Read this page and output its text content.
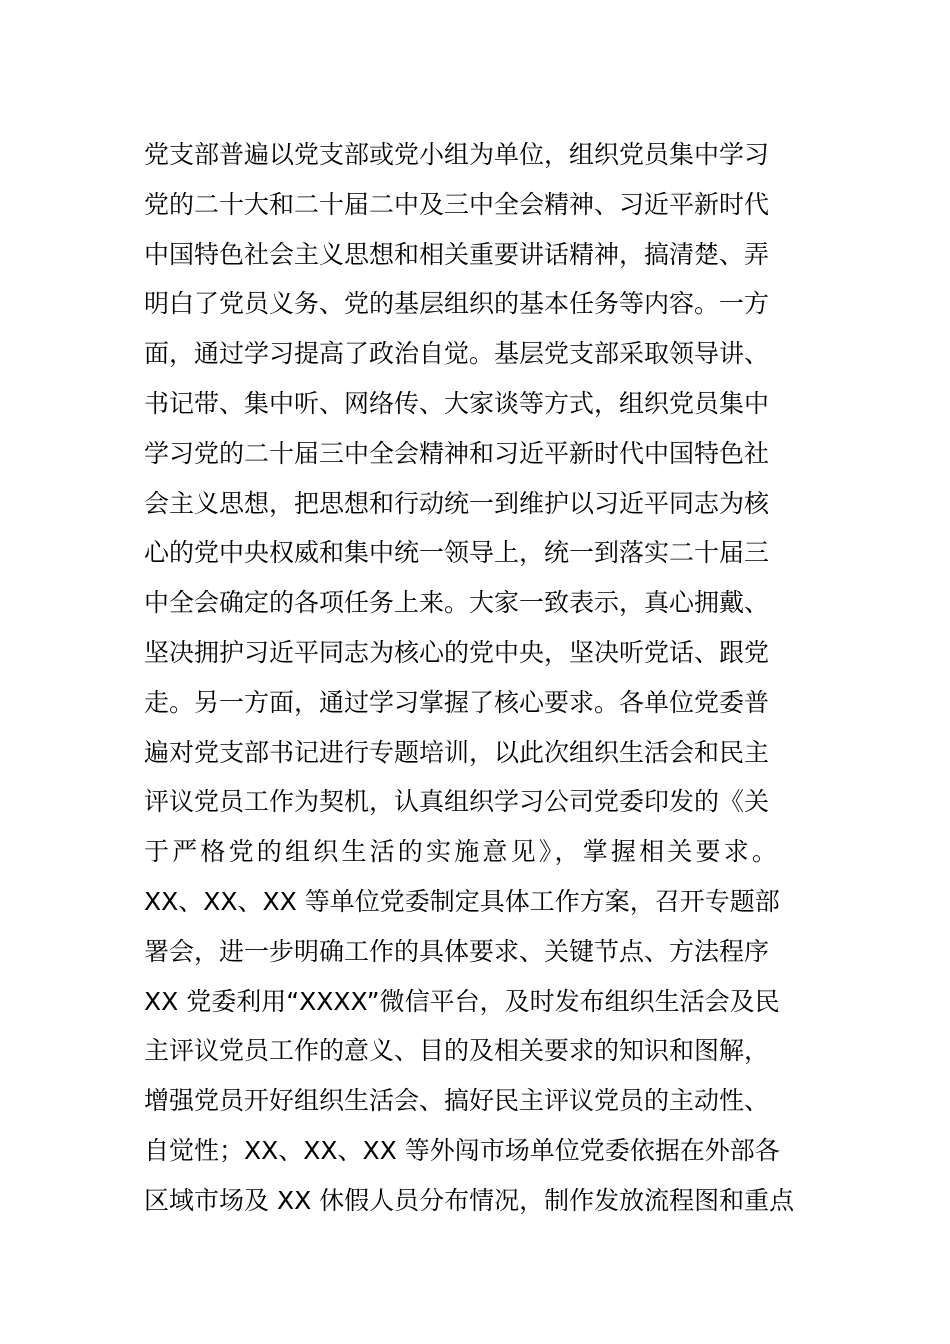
党支部普遍以党支部或党小组为单位，组织党员集中学习
党的二十大和二十届二中及三中全会精神、习近平新时代
中国特色社会主义思想和相关重要讲话精神，搞清楚、弄
明白了党员义务、党的基层组织的基本任务等内容。一方
面，通过学习提高了政治自觉。基层党支部采取领导讲、
书记带、集中听、网络传、大家谈等方式，组织党员集中
学习党的二十届三中全会精神和习近平新时代中国特色社
会主义思想，把思想和行动统一到维护以习近平同志为核
心的党中央权威和集中统一领导上，统一到落实二十届三
中全会确定的各项任务上来。大家一致表示，真心拥戴、
坚决拥护习近平同志为核心的党中央，坚决听党话、跟党
走。另一方面，通过学习掌握了核心要求。各单位党委普
遍对党支部书记进行专题培训，以此次组织生活会和民主
评议党员工作为契机，认真组织学习公司党委印发的《关
于严格党的组织生活的实施意见》，掌握相关要求。
XX、XX、XX 等单位党委制定具体工作方案，召开专题部
署会，进一步明确工作的具体要求、关键节点、方法程序
XX 党委利用“XXXX”微信平台，及时发布组织生活会及民
主评议党员工作的意义、目的及相关要求的知识和图解，
增强党员开好组织生活会、搞好民主评议党员的主动性、
自觉性；XX、XX、XX 等外闯市场单位党委依据在外部各
区域市场及 XX 休假人员分布情况，制作发放流程图和重点
